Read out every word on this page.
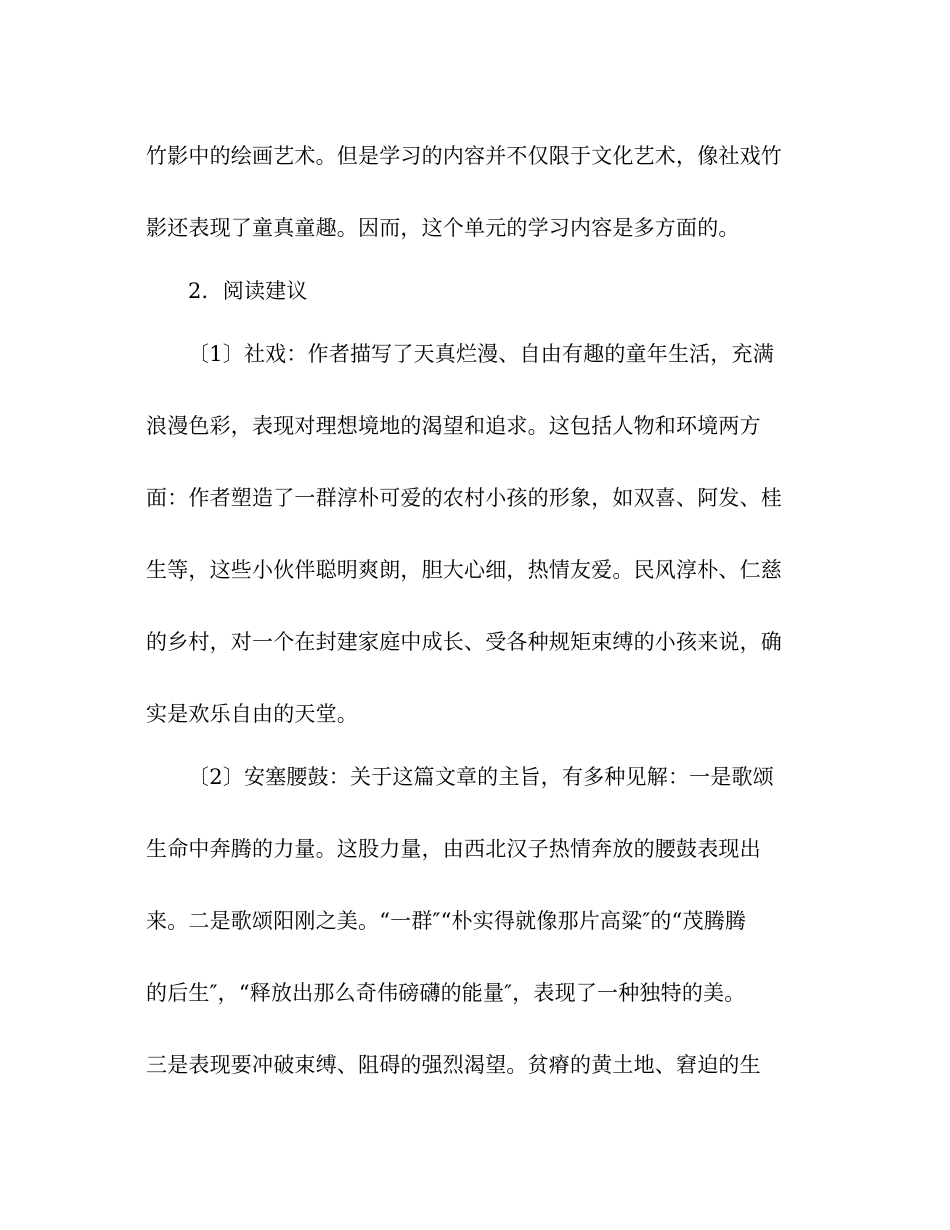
竹影中的绘画艺术。但是学习的内容并不仅限于文化艺术，像社戏竹
影还表现了童真童趣。因而，这个单元的学习内容是多方面的。
2．阅读建议
〔1〕社戏：作者描写了天真烂漫、自由有趣的童年生活，充满
浪漫色彩，表现对理想境地的渴望和追求。这包括人物和环境两方
面：作者塑造了一群淳朴可爱的农村小孩的形象，如双喜、阿发、桂
生等，这些小伙伴聪明爽朗，胆大心细，热情友爱。民风淳朴、仁慈
的乡村，对一个在封建家庭中成长、受各种规矩束缚的小孩来说，确
实是欢乐自由的天堂。
〔2〕安塞腰鼓：关于这篇文章的主旨，有多种见解：一是歌颂
生命中奔腾的力量。这股力量，由西北汉子热情奔放的腰鼓表现出
来。二是歌颂阳刚之美。“一群″“朴实得就像那片高粱″的“茂腾腾
的后生″，“释放出那么奇伟磅礴的能量″，表现了一种独特的美。
三是表现要冲破束缚、阻碍的强烈渴望。贫瘠的黄土地、窘迫的生
